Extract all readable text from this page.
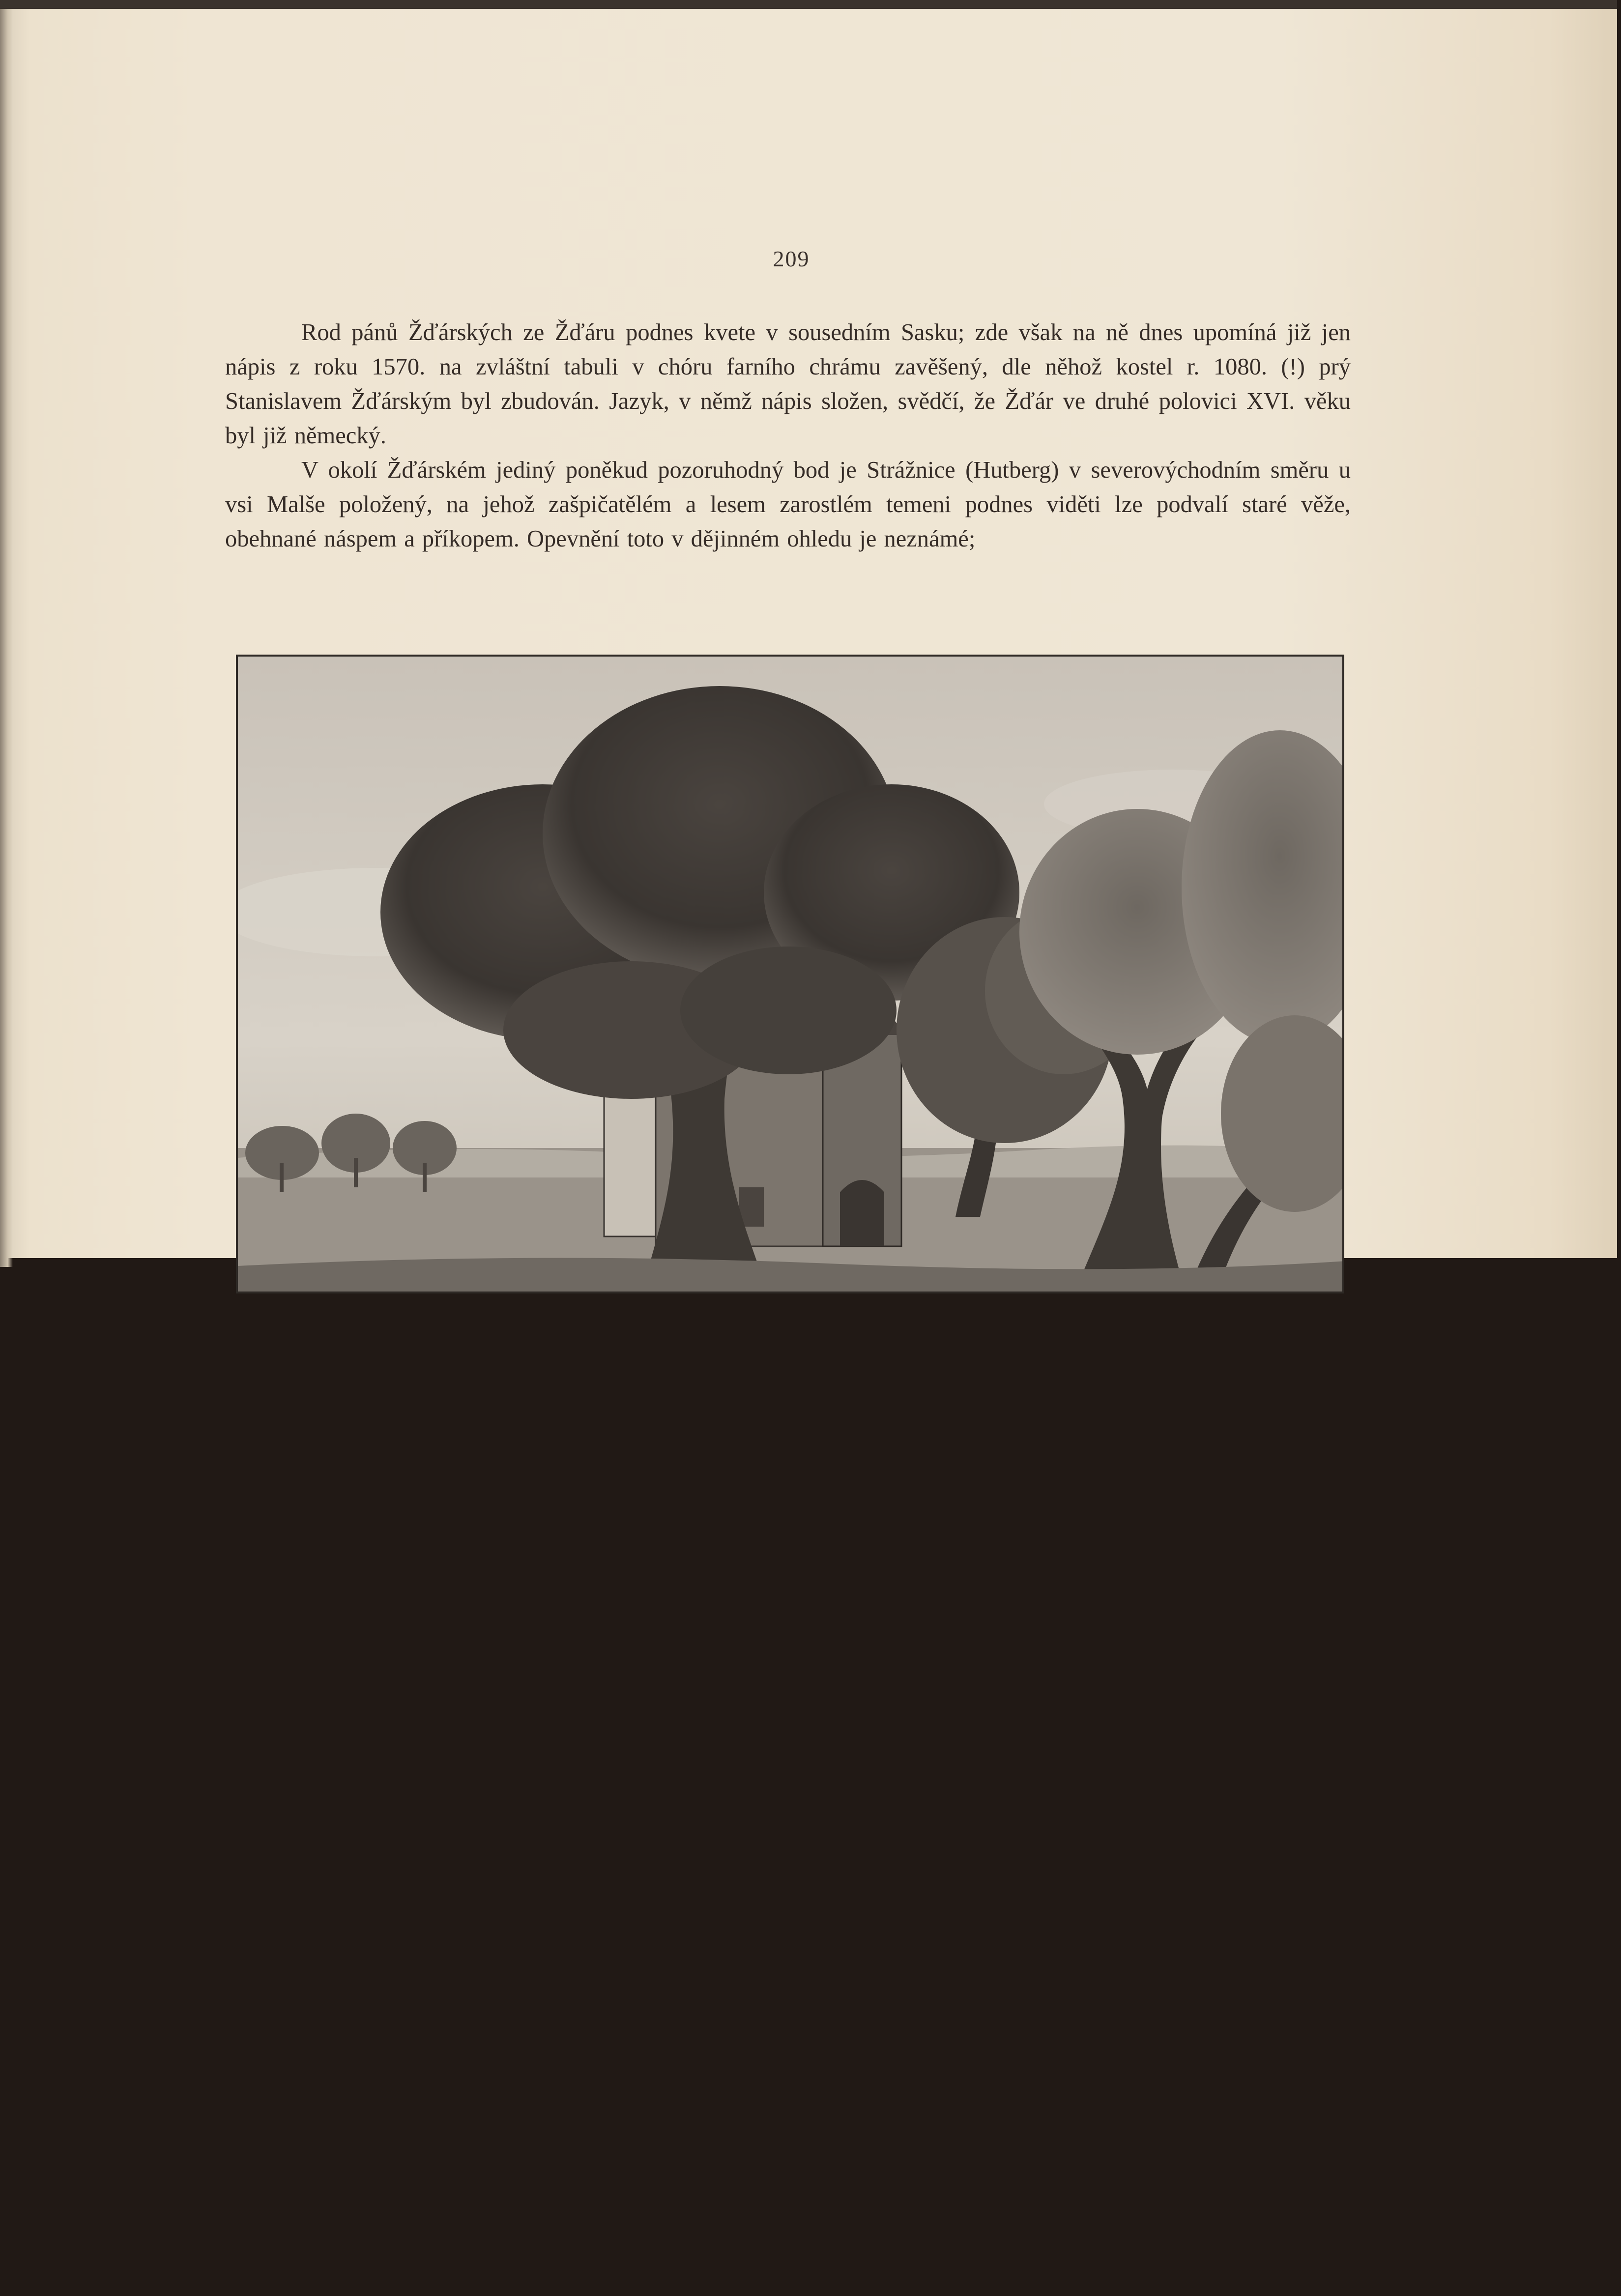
209

Rod pánů Žďárských ze Žďáru podnes kvete v sousedním Sasku; zde však na ně dnes upomíná již jen nápis z roku 1570. na zvláštní tabuli v chóru farního chrámu zavěšený, dle něhož kostel r. 1080. (!) prý Stanislavem Žďárským byl zbudován. Jazyk, v němž nápis složen, svědčí, že Žďár ve druhé polovici XVI. věku byl již německý.

V okolí Žďárském jediný poněkud pozoruhodný bod je Strážnice (Hutberg) v severovýchodním směru u vsi Malše položený, na jehož zašpičatělém a lesem zarostlém temeni podnes viděti lze podvalí staré věže, obehnané náspem a příkopem. Opevnění toto v dějinném ohledu je neznámé;
